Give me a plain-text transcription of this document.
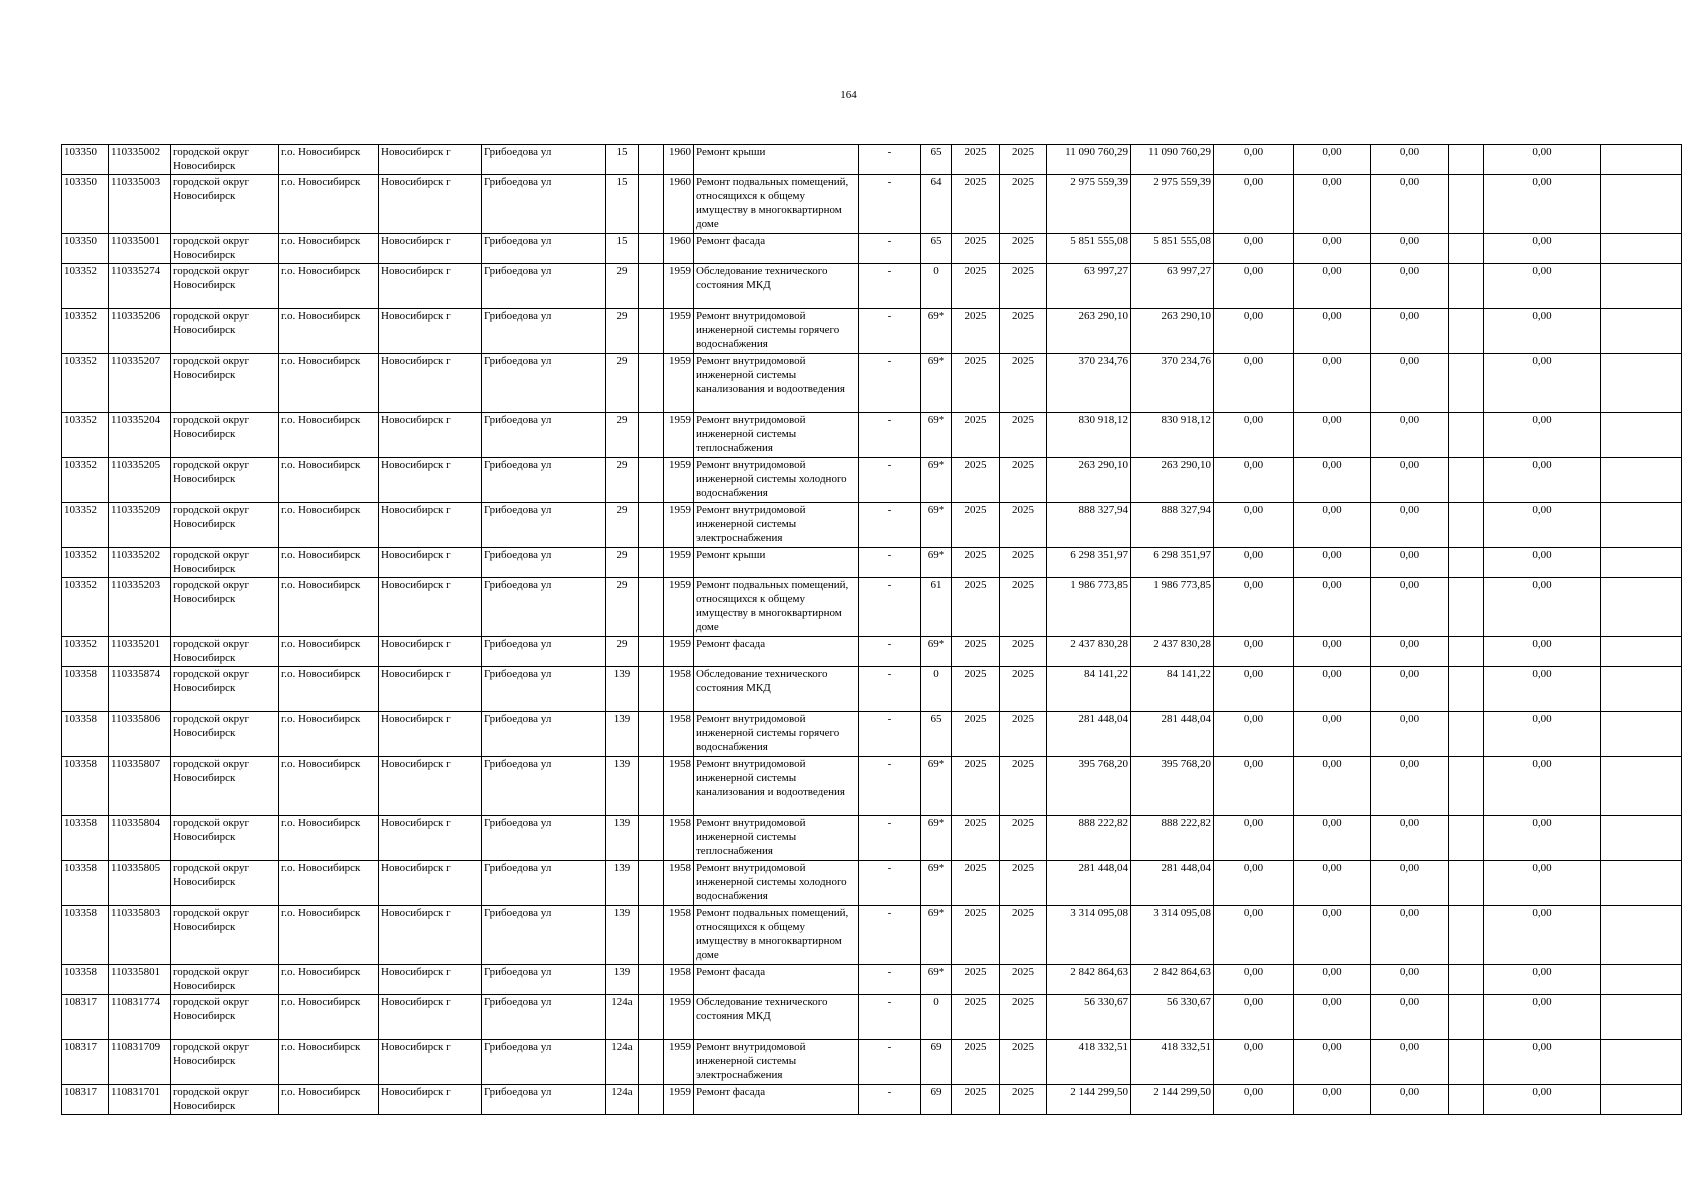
164
103350	110335002	городской округ Новосибирск	г.о. Новосибирск	Новосибирск г	Грибоедова ул	15		1960	Ремонт крыши	-	65	2025	2025	11 090 760,29	11 090 760,29	0,00	0,00	0,00		0,00	
103350	110335003	городской округ Новосибирск	г.о. Новосибирск	Новосибирск г	Грибоедова ул	15		1960	Ремонт подвальных помещений, относящихся к общему имуществу в многоквартирном доме	-	64	2025	2025	2 975 559,39	2 975 559,39	0,00	0,00	0,00		0,00	
103350	110335001	городской округ Новосибирск	г.о. Новосибирск	Новосибирск г	Грибоедова ул	15		1960	Ремонт фасада	-	65	2025	2025	5 851 555,08	5 851 555,08	0,00	0,00	0,00		0,00	
103352	110335274	городской округ Новосибирск	г.о. Новосибирск	Новосибирск г	Грибоедова ул	29		1959	Обследование технического состояния МКД	-	0	2025	2025	63 997,27	63 997,27	0,00	0,00	0,00		0,00	
103352	110335206	городской округ Новосибирск	г.о. Новосибирск	Новосибирск г	Грибоедова ул	29		1959	Ремонт внутридомовой инженерной системы горячего водоснабжения	-	69*	2025	2025	263 290,10	263 290,10	0,00	0,00	0,00		0,00	
103352	110335207	городской округ Новосибирск	г.о. Новосибирск	Новосибирск г	Грибоедова ул	29		1959	Ремонт внутридомовой инженерной системы канализования и водоотведения	-	69*	2025	2025	370 234,76	370 234,76	0,00	0,00	0,00		0,00	
103352	110335204	городской округ Новосибирск	г.о. Новосибирск	Новосибирск г	Грибоедова ул	29		1959	Ремонт внутридомовой инженерной системы теплоснабжения	-	69*	2025	2025	830 918,12	830 918,12	0,00	0,00	0,00		0,00	
103352	110335205	городской округ Новосибирск	г.о. Новосибирск	Новосибирск г	Грибоедова ул	29		1959	Ремонт внутридомовой инженерной системы холодного водоснабжения	-	69*	2025	2025	263 290,10	263 290,10	0,00	0,00	0,00		0,00	
103352	110335209	городской округ Новосибирск	г.о. Новосибирск	Новосибирск г	Грибоедова ул	29		1959	Ремонт внутридомовой инженерной системы электроснабжения	-	69*	2025	2025	888 327,94	888 327,94	0,00	0,00	0,00		0,00	
103352	110335202	городской округ Новосибирск	г.о. Новосибирск	Новосибирск г	Грибоедова ул	29		1959	Ремонт крыши	-	69*	2025	2025	6 298 351,97	6 298 351,97	0,00	0,00	0,00		0,00	
103352	110335203	городской округ Новосибирск	г.о. Новосибирск	Новосибирск г	Грибоедова ул	29		1959	Ремонт подвальных помещений, относящихся к общему имуществу в многоквартирном доме	-	61	2025	2025	1 986 773,85	1 986 773,85	0,00	0,00	0,00		0,00	
103352	110335201	городской округ Новосибирск	г.о. Новосибирск	Новосибирск г	Грибоедова ул	29		1959	Ремонт фасада	-	69*	2025	2025	2 437 830,28	2 437 830,28	0,00	0,00	0,00		0,00	
103358	110335874	городской округ Новосибирск	г.о. Новосибирск	Новосибирск г	Грибоедова ул	139		1958	Обследование технического состояния МКД	-	0	2025	2025	84 141,22	84 141,22	0,00	0,00	0,00		0,00	
103358	110335806	городской округ Новосибирск	г.о. Новосибирск	Новосибирск г	Грибоедова ул	139		1958	Ремонт внутридомовой инженерной системы горячего водоснабжения	-	65	2025	2025	281 448,04	281 448,04	0,00	0,00	0,00		0,00	
103358	110335807	городской округ Новосибирск	г.о. Новосибирск	Новосибирск г	Грибоедова ул	139		1958	Ремонт внутридомовой инженерной системы канализования и водоотведения	-	69*	2025	2025	395 768,20	395 768,20	0,00	0,00	0,00		0,00	
103358	110335804	городской округ Новосибирск	г.о. Новосибирск	Новосибирск г	Грибоедова ул	139		1958	Ремонт внутридомовой инженерной системы теплоснабжения	-	69*	2025	2025	888 222,82	888 222,82	0,00	0,00	0,00		0,00	
103358	110335805	городской округ Новосибирск	г.о. Новосибирск	Новосибирск г	Грибоедова ул	139		1958	Ремонт внутридомовой инженерной системы холодного водоснабжения	-	69*	2025	2025	281 448,04	281 448,04	0,00	0,00	0,00		0,00	
103358	110335803	городской округ Новосибирск	г.о. Новосибирск	Новосибирск г	Грибоедова ул	139		1958	Ремонт подвальных помещений, относящихся к общему имуществу в многоквартирном доме	-	69*	2025	2025	3 314 095,08	3 314 095,08	0,00	0,00	0,00		0,00	
103358	110335801	городской округ Новосибирск	г.о. Новосибирск	Новосибирск г	Грибоедова ул	139		1958	Ремонт фасада	-	69*	2025	2025	2 842 864,63	2 842 864,63	0,00	0,00	0,00		0,00	
108317	110831774	городской округ Новосибирск	г.о. Новосибирск	Новосибирск г	Грибоедова ул	124а		1959	Обследование технического состояния МКД	-	0	2025	2025	56 330,67	56 330,67	0,00	0,00	0,00		0,00	
108317	110831709	городской округ Новосибирск	г.о. Новосибирск	Новосибирск г	Грибоедова ул	124а		1959	Ремонт внутридомовой инженерной системы электроснабжения	-	69	2025	2025	418 332,51	418 332,51	0,00	0,00	0,00		0,00	
108317	110831701	городской округ Новосибирск	г.о. Новосибирск	Новосибирск г	Грибоедова ул	124а		1959	Ремонт фасада	-	69	2025	2025	2 144 299,50	2 144 299,50	0,00	0,00	0,00		0,00	
